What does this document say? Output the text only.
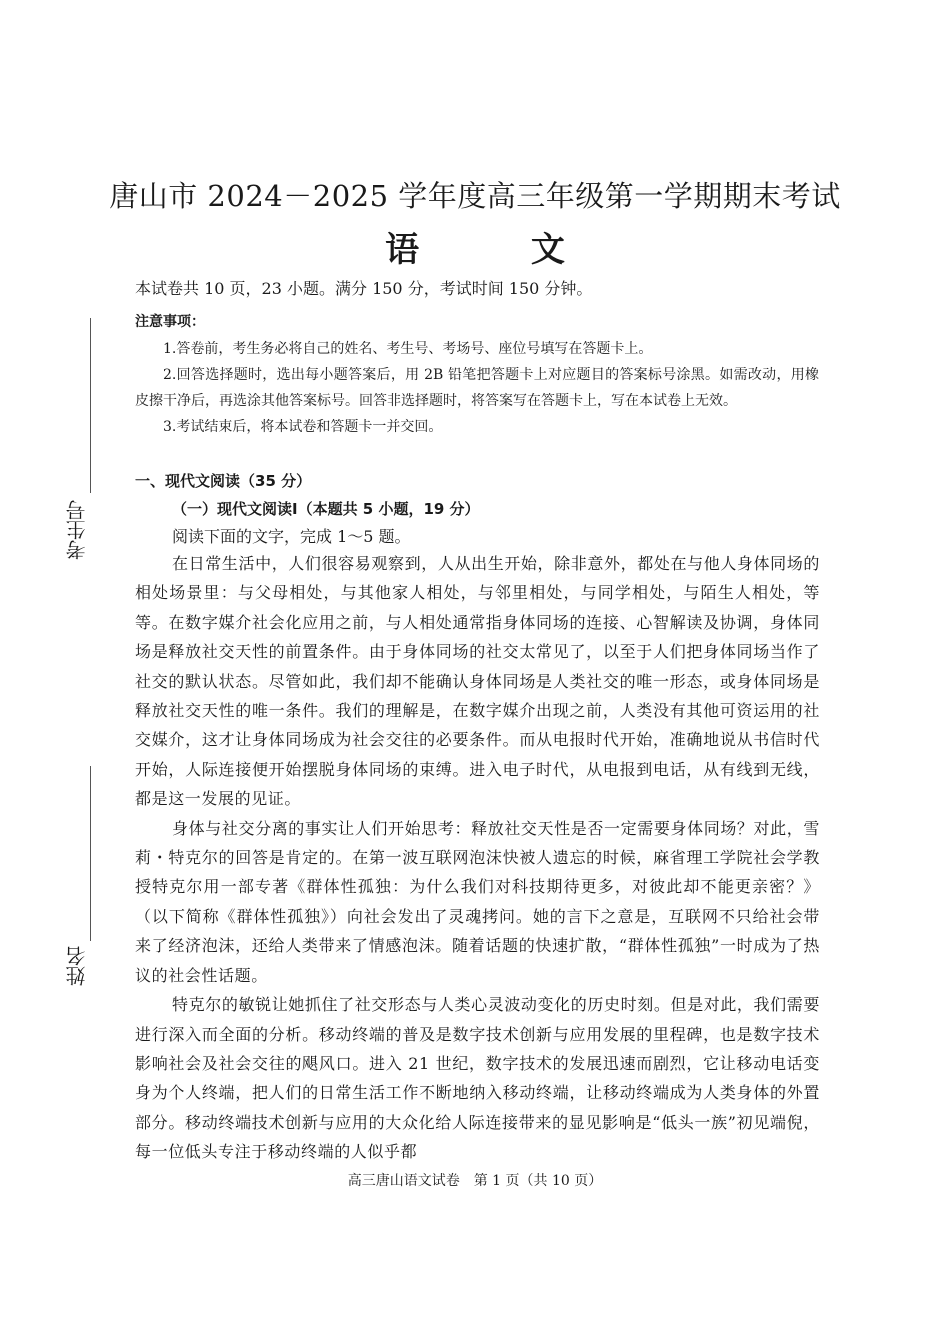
考生号
姓名
唐山市 2024－2025 学年度高三年级第一学期期末考试
语 文
本试卷共 10 页，23 小题。满分 150 分，考试时间 150 分钟。
注意事项：

1.答卷前，考生务必将自己的姓名、考生号、考场号、座位号填写在答题卡上。

2.回答选择题时，选出每小题答案后，用 2B 铅笔把答题卡上对应题目的答案标号涂黑。如需改动，用橡皮擦干净后，再选涂其他答案标号。回答非选择题时，将答案写在答题卡上，写在本试卷上无效。

3.考试结束后，将本试卷和答题卡一并交回。

一、现代文阅读（35 分）
（一）现代文阅读Ⅰ（本题共 5 小题，19 分）
阅读下面的文字，完成 1～5 题。

在日常生活中，人们很容易观察到，人从出生开始，除非意外，都处在与他人身体同场的相处场景里：与父母相处，与其他家人相处，与邻里相处，与同学相处，与陌生人相处，等等。在数字媒介社会化应用之前，与人相处通常指身体同场的连接、心智解读及协调，身体同场是释放社交天性的前置条件。由于身体同场的社交太常见了，以至于人们把身体同场当作了社交的默认状态。尽管如此，我们却不能确认身体同场是人类社交的唯一形态，或身体同场是释放社交天性的唯一条件。我们的理解是，在数字媒介出现之前，人类没有其他可资运用的社交媒介，这才让身体同场成为社会交往的必要条件。而从电报时代开始，准确地说从书信时代开始，人际连接便开始摆脱身体同场的束缚。进入电子时代，从电报到电话，从有线到无线，都是这一发展的见证。

身体与社交分离的事实让人们开始思考：释放社交天性是否一定需要身体同场？对此，雪莉・特克尔的回答是肯定的。在第一波互联网泡沫快被人遗忘的时候，麻省理工学院社会学教授特克尔用一部专著《群体性孤独：为什么我们对科技期待更多，对彼此却不能更亲密？》（以下简称《群体性孤独》）向社会发出了灵魂拷问。她的言下之意是，互联网不只给社会带来了经济泡沫，还给人类带来了情感泡沫。随着话题的快速扩散，“群体性孤独”一时成为了热议的社会性话题。

特克尔的敏锐让她抓住了社交形态与人类心灵波动变化的历史时刻。但是对此，我们需要进行深入而全面的分析。移动终端的普及是数字技术创新与应用发展的里程碑，也是数字技术影响社会及社会交往的飓风口。进入 21 世纪，数字技术的发展迅速而剧烈，它让移动电话变身为个人终端，把人们的日常生活工作不断地纳入移动终端，让移动终端成为人类身体的外置部分。移动终端技术创新与应用的大众化给人际连接带来的显见影响是“低头一族”初见端倪，每一位低头专注于移动终端的人似乎都

高三唐山语文试卷　第 1 页（共 10 页）
